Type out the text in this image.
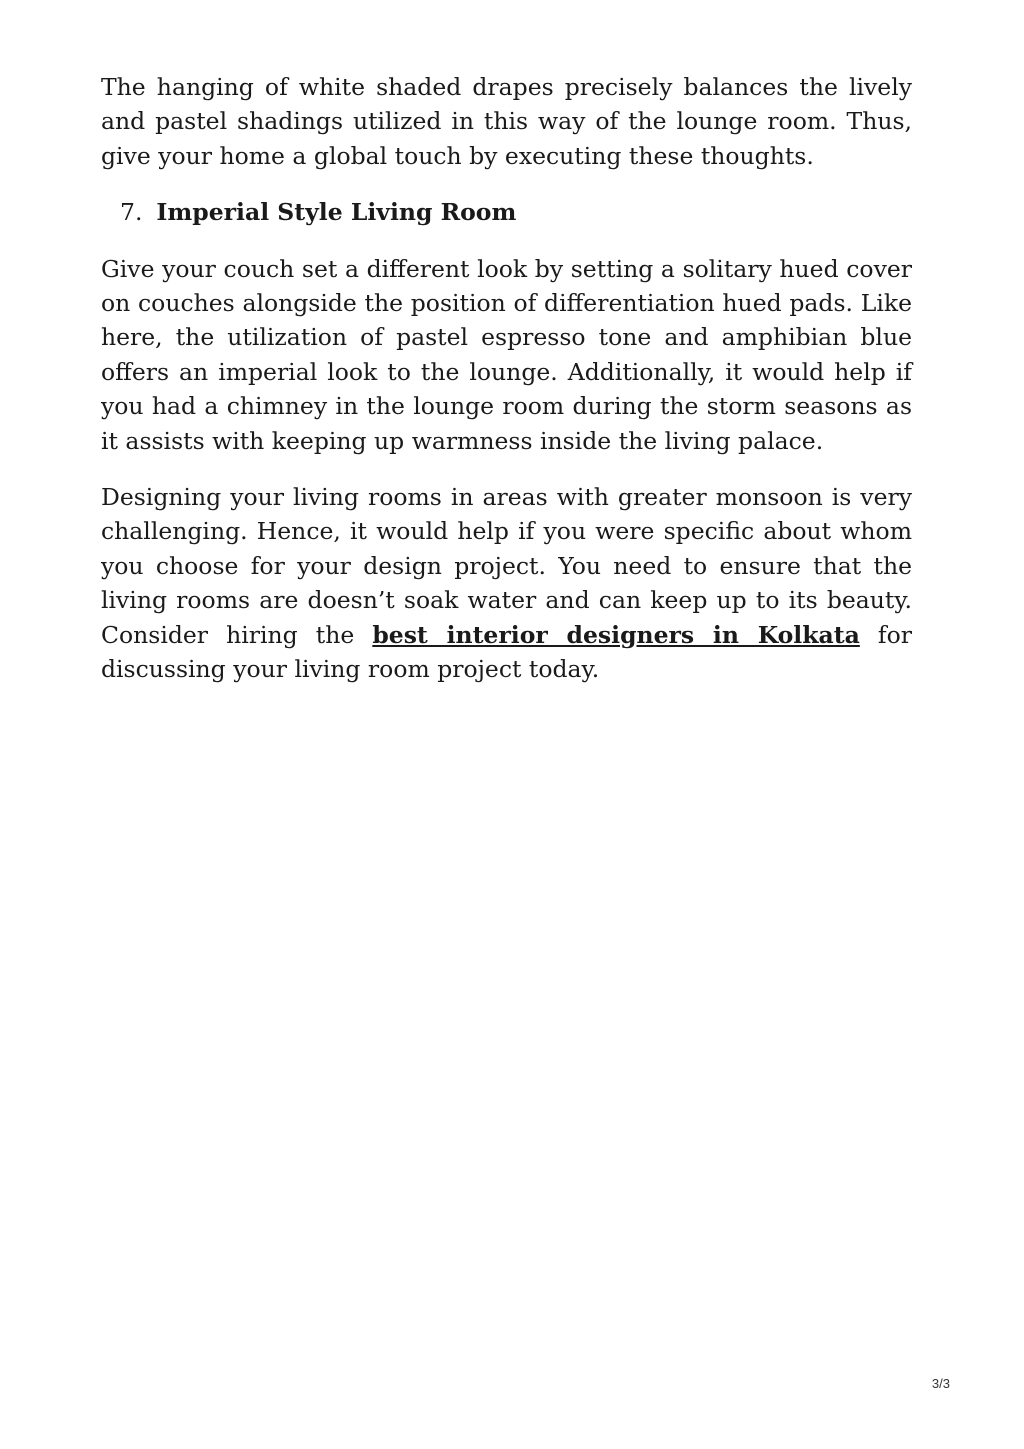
The hanging of white shaded drapes precisely balances the lively and pastel shadings utilized in this way of the lounge room. Thus, give your home a global touch by executing these thoughts.

7. Imperial Style Living Room

Give your couch set a different look by setting a solitary hued cover on couches alongside the position of differentiation hued pads. Like here, the utilization of pastel espresso tone and amphibian blue offers an imperial look to the lounge. Additionally, it would help if you had a chimney in the lounge room during the storm seasons as it assists with keeping up warmness inside the living palace.

Designing your living rooms in areas with greater monsoon is very challenging. Hence, it would help if you were specific about whom you choose for your design project. You need to ensure that the living rooms are doesn’t soak water and can keep up to its beauty. Consider hiring the best interior designers in Kolkata for discussing your living room project today.

3/3
